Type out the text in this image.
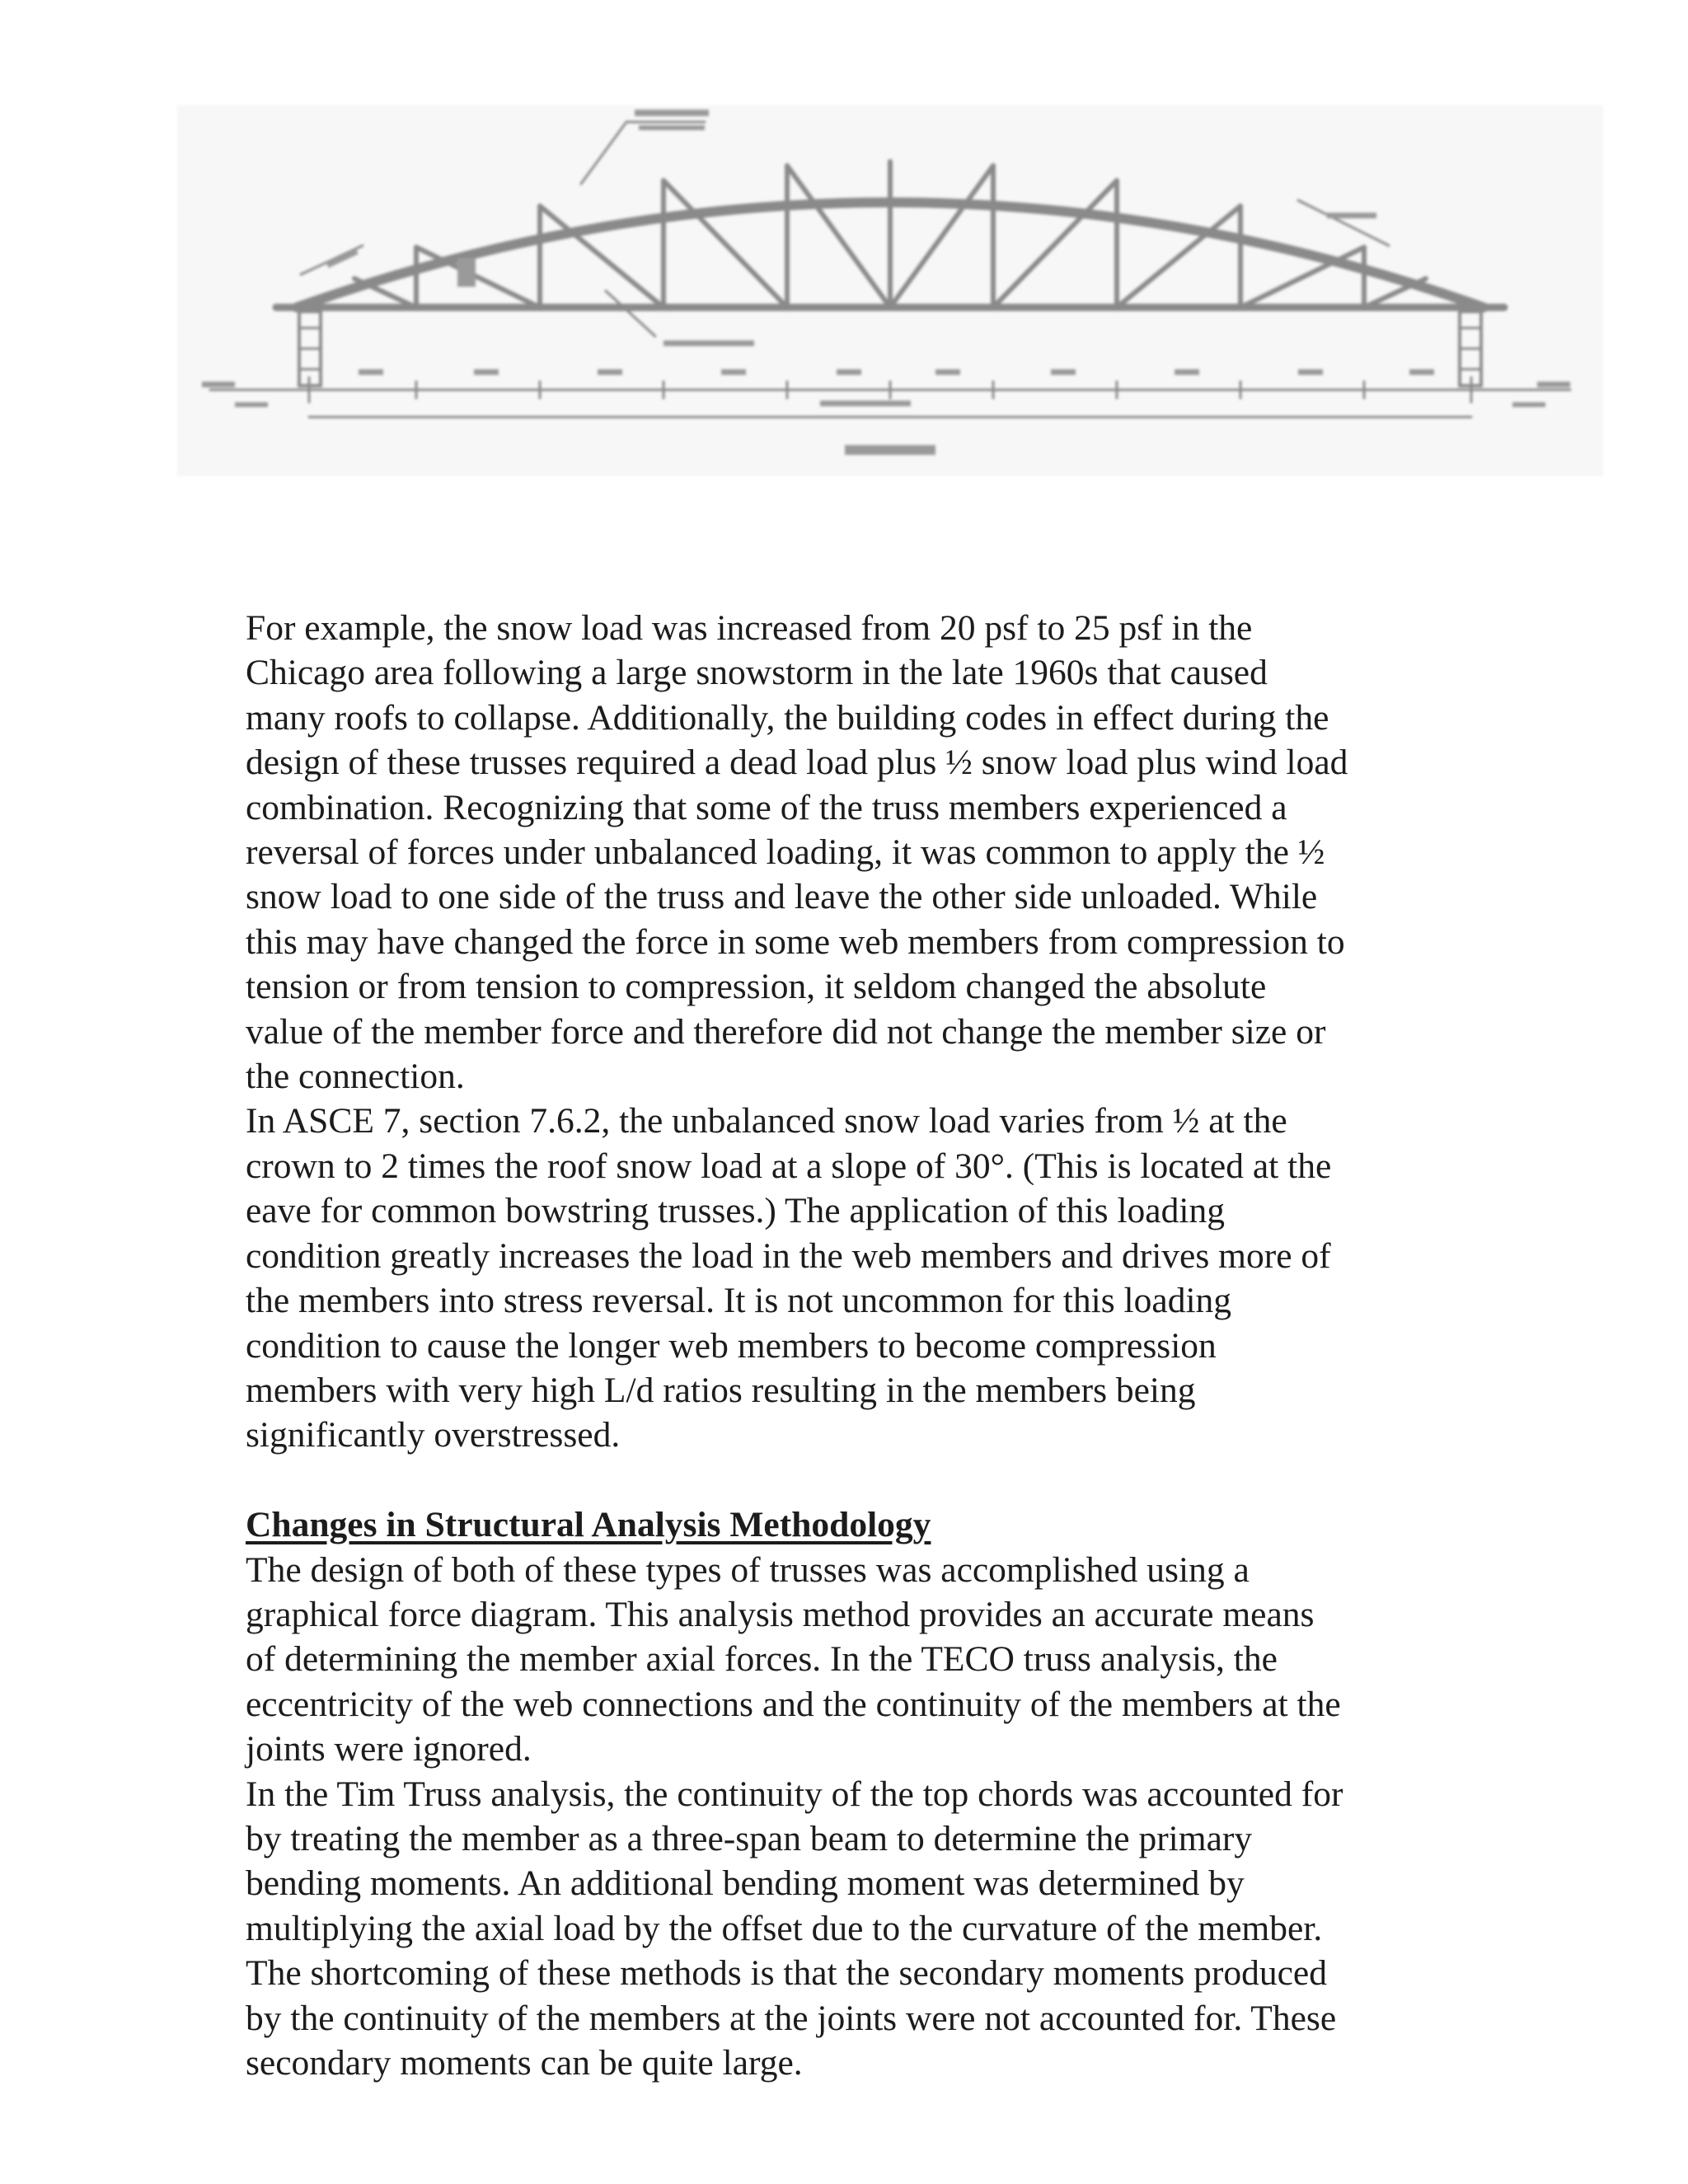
For example, the snow load was increased from 20 psf to 25 psf in the
Chicago area following a large snowstorm in the late 1960s that caused
many roofs to collapse. Additionally, the building codes in effect during the
design of these trusses required a dead load plus ½ snow load plus wind load
combination. Recognizing that some of the truss members experienced a
reversal of forces under unbalanced loading, it was common to apply the ½
snow load to one side of the truss and leave the other side unloaded. While
this may have changed the force in some web members from compression to
tension or from tension to compression, it seldom changed the absolute
value of the member force and therefore did not change the member size or
the connection.

In ASCE 7, section 7.6.2, the unbalanced snow load varies from ½ at the
crown to 2 times the roof snow load at a slope of 30°. (This is located at the
eave for common bowstring trusses.) The application of this loading
condition greatly increases the load in the web members and drives more of
the members into stress reversal. It is not uncommon for this loading
condition to cause the longer web members to become compression
members with very high L/d ratios resulting in the members being
significantly overstressed.

Changes in Structural Analysis Methodology

The design of both of these types of trusses was accomplished using a
graphical force diagram. This analysis method provides an accurate means
of determining the member axial forces. In the TECO truss analysis, the
eccentricity of the web connections and the continuity of the members at the
joints were ignored.

In the Tim Truss analysis, the continuity of the top chords was accounted for
by treating the member as a three-span beam to determine the primary
bending moments. An additional bending moment was determined by
multiplying the axial load by the offset due to the curvature of the member.
The shortcoming of these methods is that the secondary moments produced
by the continuity of the members at the joints were not accounted for. These
secondary moments can be quite large.
